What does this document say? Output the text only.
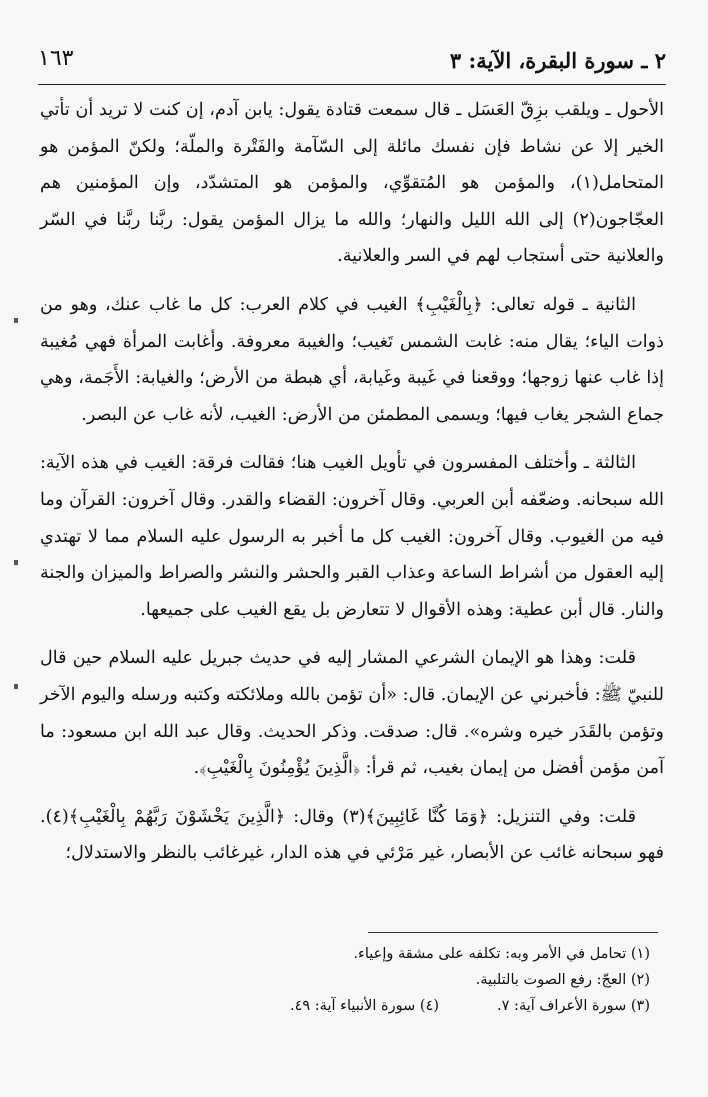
٢ ـ سورة البقرة، الآية: ٣
١٦٣

الأحول ـ ويلقب بزِقّ العَسَل ـ قال سمعت قتادة يقول: يابن آدم، إن كنت لا تريد أن تأتي الخير إلا عن نشاط فإن نفسك مائلة إلى السّآمة والفَتْرة والملّة؛ ولكنّ المؤمن هو المتحامل(١)، والمؤمن هو المُتقوِّي، والمؤمن هو المتشدّد، وإن المؤمنين هم العجّاجون(٢) إلى الله الليل والنهار؛ والله ما يزال المؤمن يقول: ربَّنا ربَّنا في السّر والعلانية حتى أستجاب لهم في السر والعلانية.

الثانية ـ قوله تعالى: ﴿بِالْغَيْبِ﴾ الغيب في كلام العرب: كل ما غاب عنك، وهو من ذوات الياء؛ يقال منه: غابت الشمس تَغيب؛ والغيبة معروفة. وأغابت المرأة فهي مُغيبة إذا غاب عنها زوجها؛ ووقعنا في غَيبة وغَيابة، أي هبطة من الأرض؛ والغيابة: الأَجَمة، وهي جماع الشجر يغاب فيها؛ ويسمى المطمئن من الأرض: الغيب، لأنه غاب عن البصر.

الثالثة ـ وأختلف المفسرون في تأويل الغيب هنا؛ فقالت فرقة: الغيب في هذه الآية: الله سبحانه. وضعّفه أبن العربي. وقال آخرون: القضاء والقدر. وقال آخرون: القرآن وما فيه من الغيوب. وقال آخرون: الغيب كل ما أخبر به الرسول عليه السلام مما لا تهتدي إليه العقول من أشراط الساعة وعذاب القبر والحشر والنشر والصراط والميزان والجنة والنار. قال أبن عطية: وهذه الأقوال لا تتعارض بل يقع الغيب على جميعها.

قلت: وهذا هو الإيمان الشرعي المشار إليه في حديث جبريل عليه السلام حين قال للنبيّ ﷺ: فأخبرني عن الإيمان. قال: «أن تؤمن بالله وملائكته وكتبه ورسله واليوم الآخر وتؤمن بالقَدَر خيره وشره». قال: صدقت. وذكر الحديث. وقال عبد الله ابن مسعود: ما آمن مؤمن أفضل من إيمان بغيب، ثم قرأ: ﴿الَّذِينَ يُؤْمِنُونَ بِالْغَيْبِ﴾.

قلت: وفي التنزيل: ﴿وَمَا كُنَّا غَائِبِينَ﴾(٣) وقال: ﴿الَّذِينَ يَخْشَوْنَ رَبَّهُمْ بِالْغَيْبِ﴾(٤). فهو سبحانه غائب عن الأبصار، غير مَرْئي في هذه الدار، غيرغائب بالنظر والاستدلال؛

(١) تحامل في الأمر وبه: تكلفه على مشقة وإعياء.
(٢) العجّ: رفع الصوت بالتلبية.
(٣) سورة الأعراف آية: ٧.
(٤) سورة الأنبياء آية: ٤٩.
